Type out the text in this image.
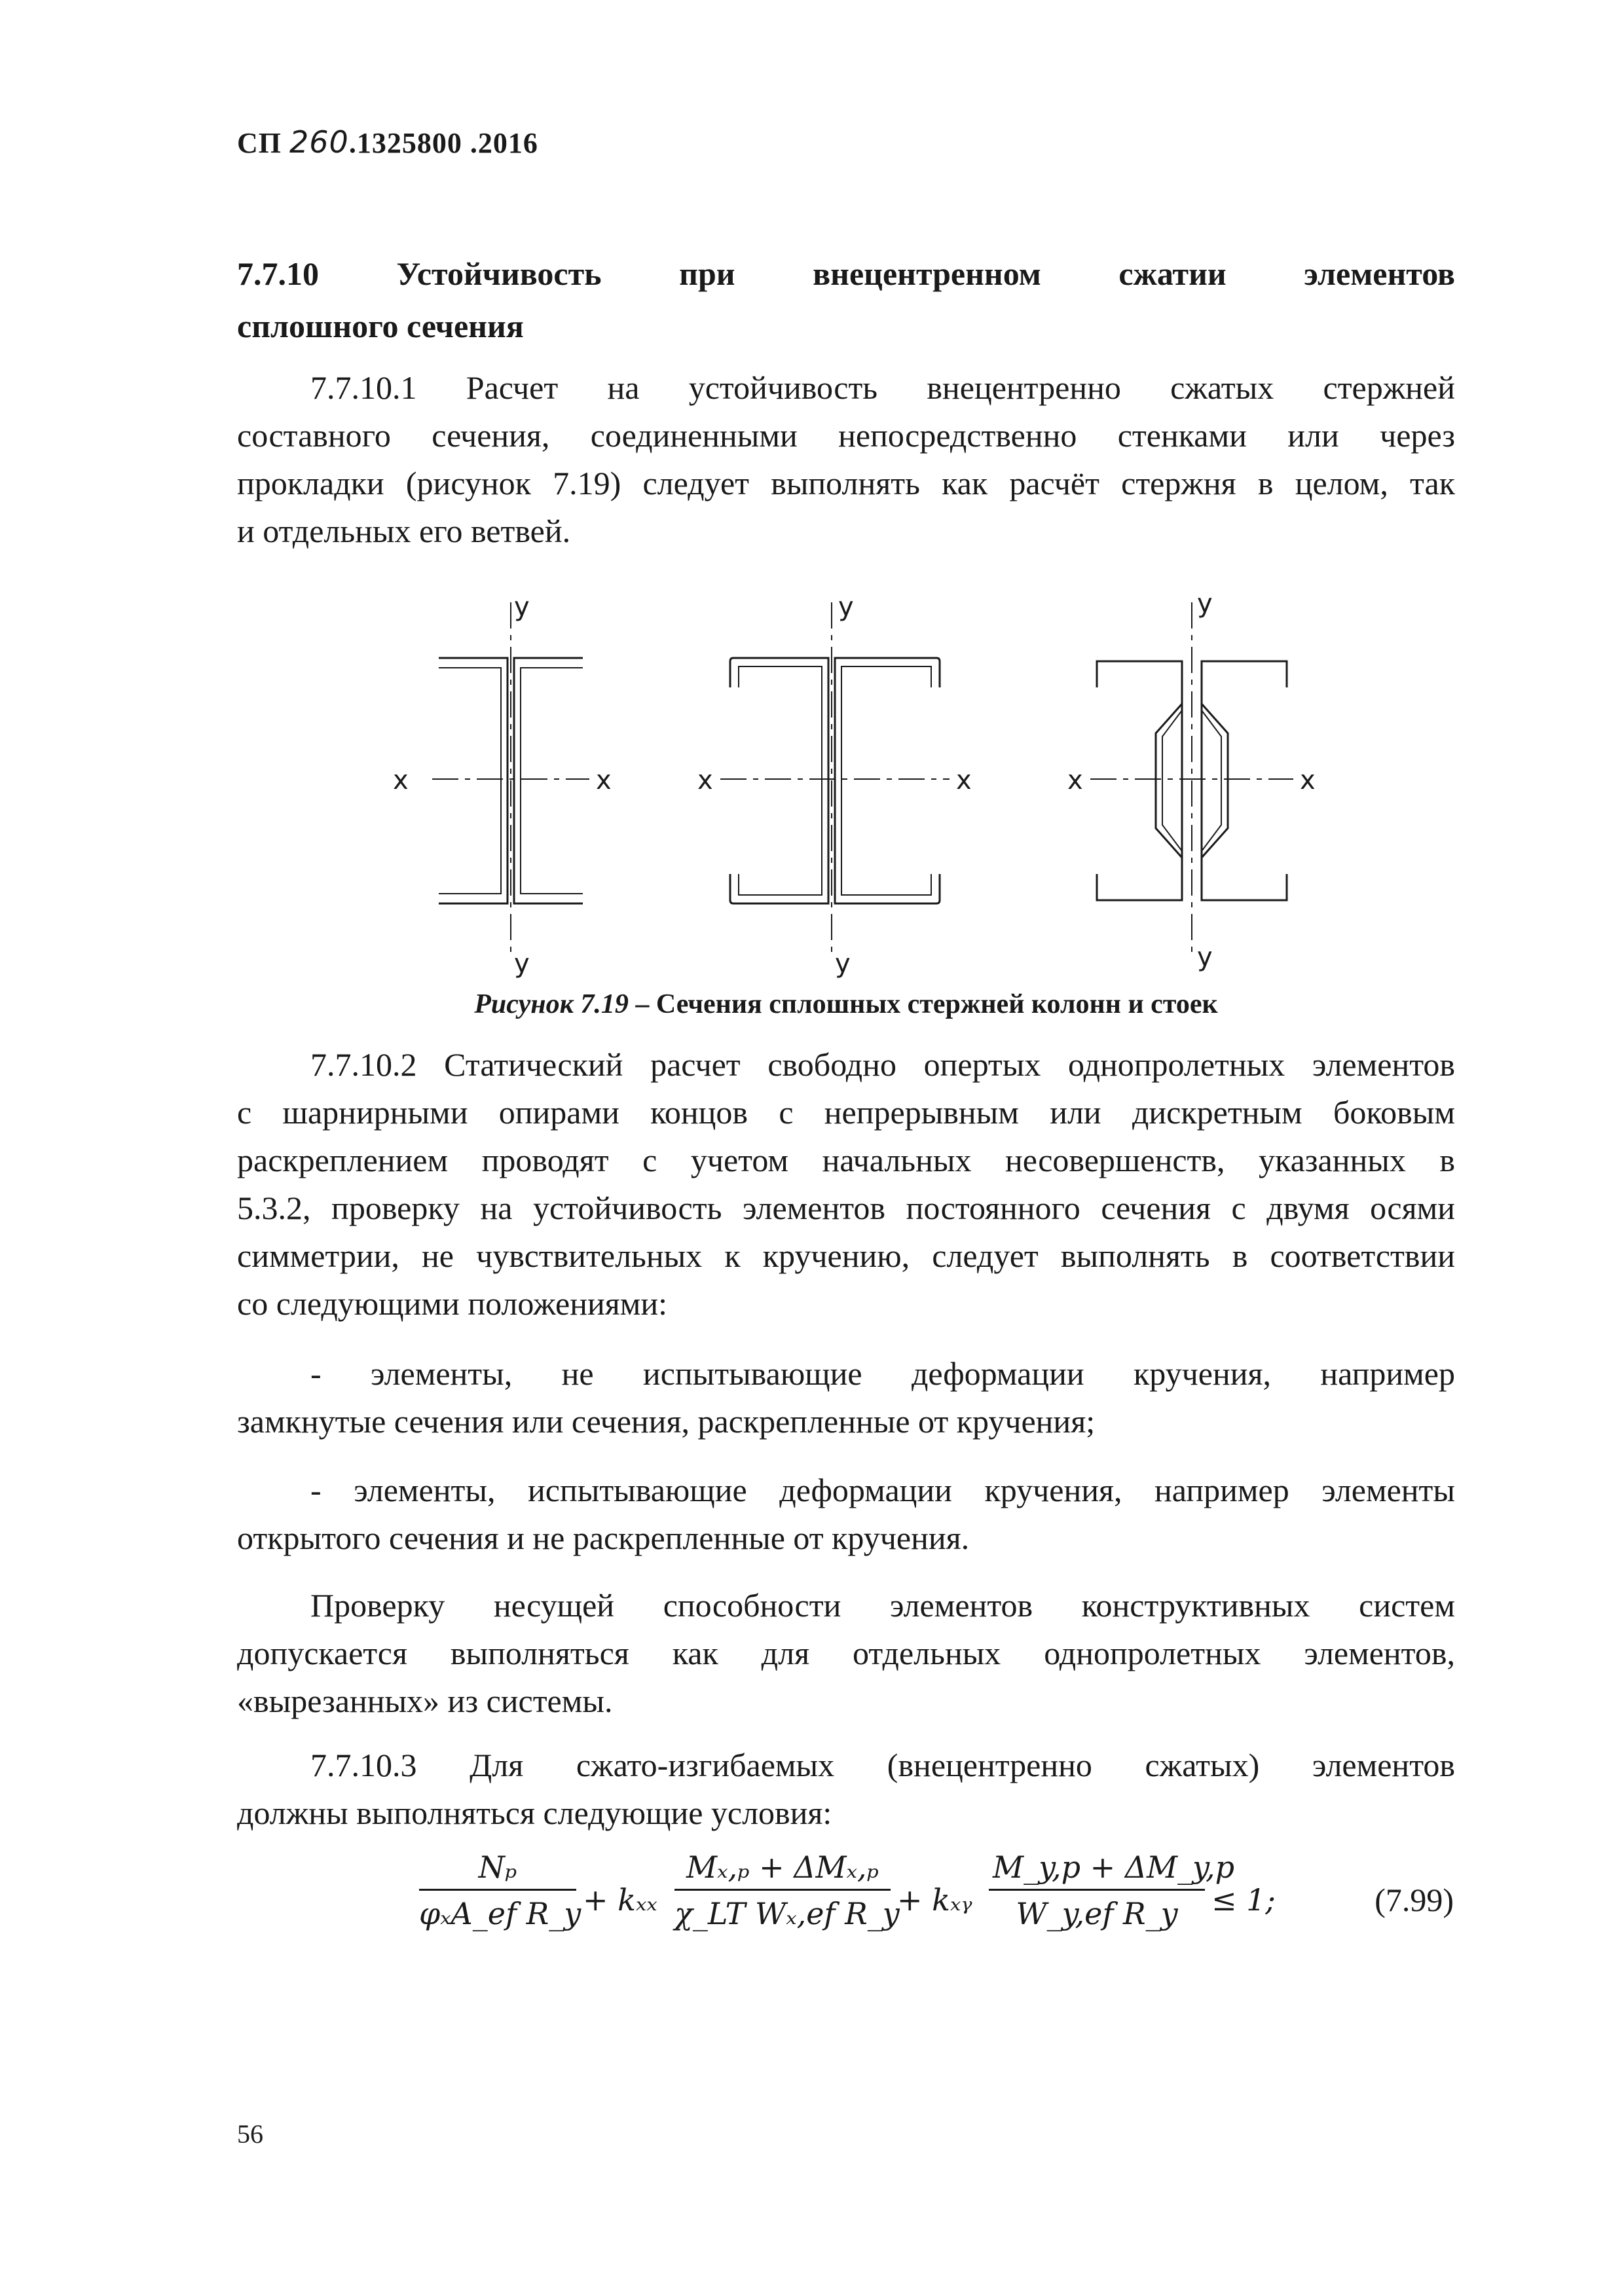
СП 260.1325800 .2016
7.7.10 Устойчивость при внецентренном сжатии элементов
сплошного сечения
7.7.10.1 Расчет на устойчивость внецентренно сжатых стержней
составного сечения, соединенными непосредственно стенками или через
прокладки (рисунок 7.19) следует выполнять как расчёт стержня в целом, так
и отдельных его ветвей.
y
y
x	x
y
y
x	x
y
y
x	x
Рисунок 7.19 – Сечения сплошных стержней колонн и стоек
7.7.10.2 Статический расчет свободно опертых однопролетных элементов
с шарнирными опирами концов с непрерывным или дискретным боковым
раскреплением проводят с учетом начальных несовершенств, указанных в
5.3.2, проверку на устойчивость элементов постоянного сечения с двумя осями
симметрии, не чувствительных к кручению, следует выполнять в соответствии
со следующими положениями:
- элементы, не испытывающие деформации кручения, например
замкнутые сечения или сечения, раскрепленные от кручения;
- элементы, испытывающие деформации кручения, например элементы
открытого сечения и не раскрепленные от кручения.
Проверку несущей способности элементов конструктивных систем
допускается выполняться как для отдельных однопролетных элементов,
«вырезанных» из системы.
7.7.10.3 Для сжато-изгибаемых (внецентренно сжатых) элементов
должны выполняться следующие условия:
Nₚ
φₓA_ef R_y + kₓₓ
Mₓ,ₚ + ΔMₓ,ₚ
χ_LT Wₓ,ef R_y
+ kₓᵧ $\frac{M\_y,p + \Delta M\_y,p}{\text{W\_y,ef R\_y}} \le 1$;	(7.99)
56
